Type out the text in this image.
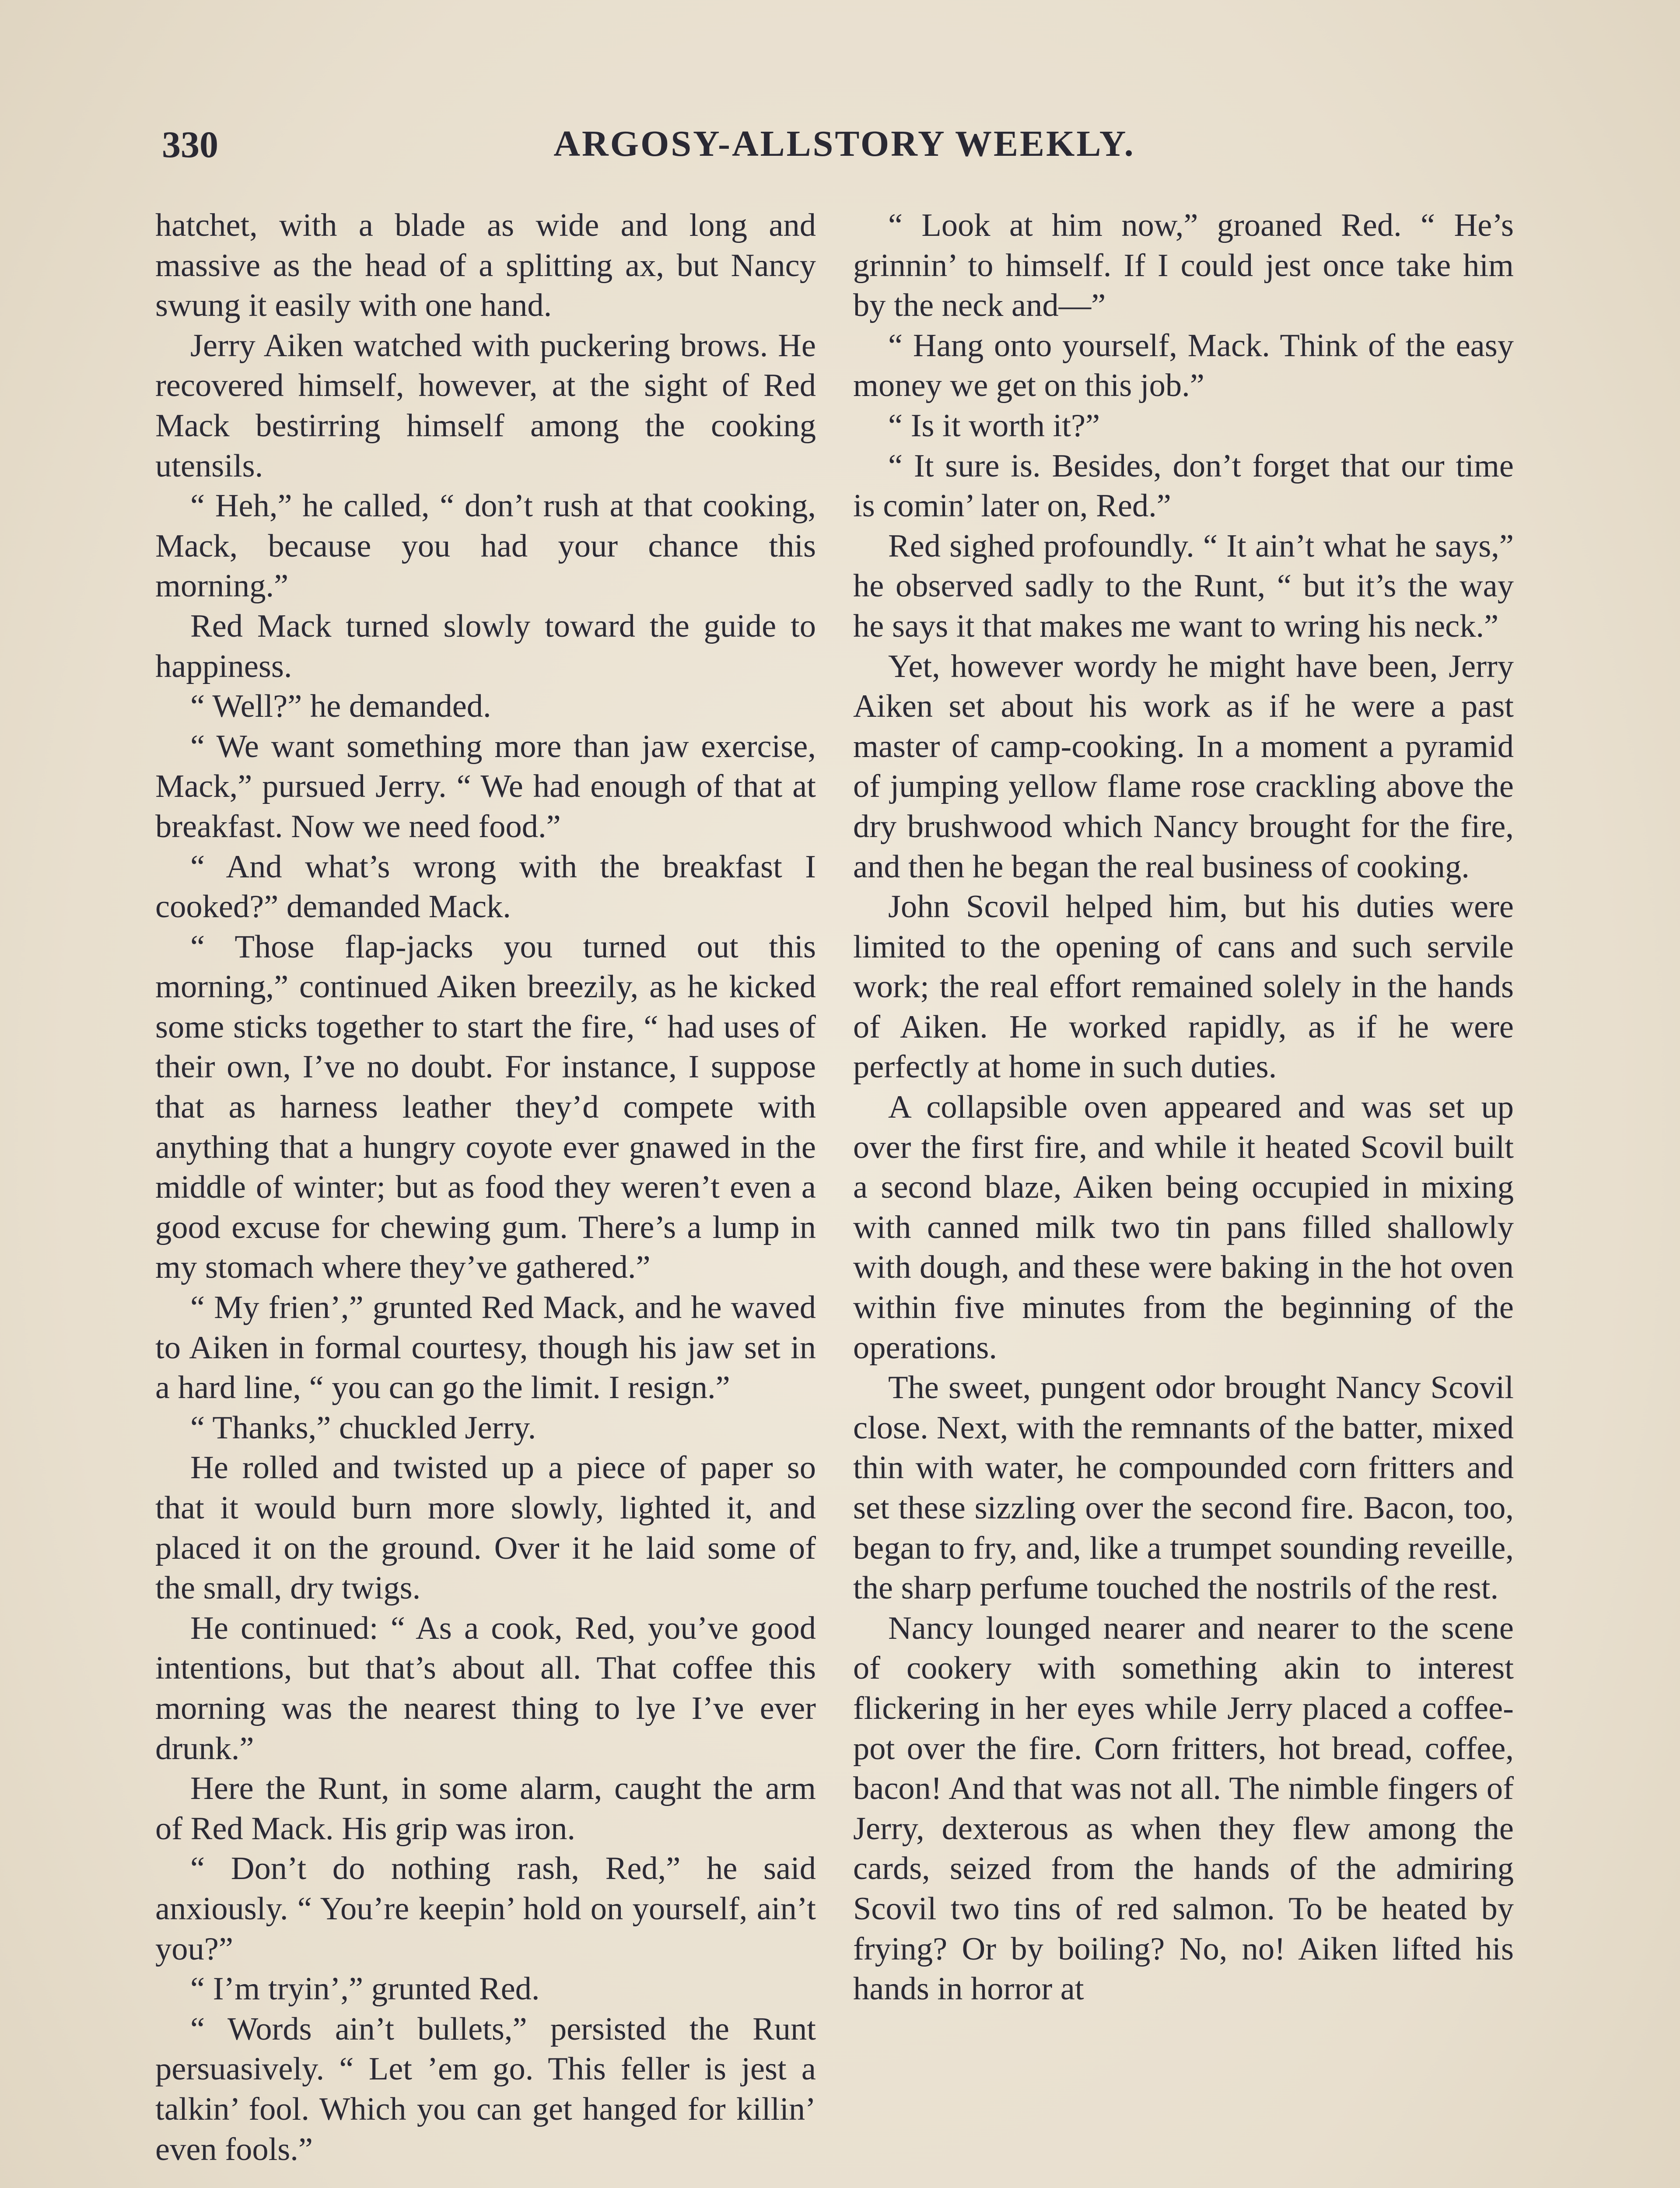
330	ARGOSY-ALLSTORY WEEKLY.

hatchet, with a blade as wide and long and massive as the head of a splitting ax, but Nancy swung it easily with one hand.

Jerry Aiken watched with puckering brows. He recovered himself, however, at the sight of Red Mack bestirring himself among the cooking utensils.

“ Heh,” he called, “ don’t rush at that cooking, Mack, because you had your chance this morning.”

Red Mack turned slowly toward the guide to happiness.

“ Well?” he demanded.

“ We want something more than jaw exercise, Mack,” pursued Jerry. “ We had enough of that at breakfast. Now we need food.”

“ And what’s wrong with the breakfast I cooked?” demanded Mack.

“ Those flap-jacks you turned out this morning,” continued Aiken breezily, as he kicked some sticks together to start the fire, “ had uses of their own, I’ve no doubt. For instance, I suppose that as harness leather they’d compete with anything that a hungry coyote ever gnawed in the middle of winter; but as food they weren’t even a good excuse for chewing gum. There’s a lump in my stomach where they’ve gathered.”

“ My frien’,” grunted Red Mack, and he waved to Aiken in formal courtesy, though his jaw set in a hard line, “ you can go the limit. I resign.”

“ Thanks,” chuckled Jerry.

He rolled and twisted up a piece of paper so that it would burn more slowly, lighted it, and placed it on the ground. Over it he laid some of the small, dry twigs.

He continued: “ As a cook, Red, you’ve good intentions, but that’s about all. That coffee this morning was the nearest thing to lye I’ve ever drunk.”

Here the Runt, in some alarm, caught the arm of Red Mack. His grip was iron.

“ Don’t do nothing rash, Red,” he said anxiously. “ You’re keepin’ hold on yourself, ain’t you?”

“ I’m tryin’,” grunted Red.

“ Words ain’t bullets,” persisted the Runt persuasively. “ Let ’em go. This feller is jest a talkin’ fool. Which you can get hanged for killin’ even fools.”

“ Look at him now,” groaned Red. “ He’s grinnin’ to himself. If I could jest once take him by the neck and—”

“ Hang onto yourself, Mack. Think of the easy money we get on this job.”

“ Is it worth it?”

“ It sure is. Besides, don’t forget that our time is comin’ later on, Red.”

Red sighed profoundly. “ It ain’t what he says,” he observed sadly to the Runt, “ but it’s the way he says it that makes me want to wring his neck.”

Yet, however wordy he might have been, Jerry Aiken set about his work as if he were a past master of camp-cooking. In a moment a pyramid of jumping yellow flame rose crackling above the dry brushwood which Nancy brought for the fire, and then he began the real business of cooking.

John Scovil helped him, but his duties were limited to the opening of cans and such servile work; the real effort remained solely in the hands of Aiken. He worked rapidly, as if he were perfectly at home in such duties.

A collapsible oven appeared and was set up over the first fire, and while it heated Scovil built a second blaze, Aiken being occupied in mixing with canned milk two tin pans filled shallowly with dough, and these were baking in the hot oven within five minutes from the beginning of the operations.

The sweet, pungent odor brought Nancy Scovil close. Next, with the remnants of the batter, mixed thin with water, he compounded corn fritters and set these sizzling over the second fire. Bacon, too, began to fry, and, like a trumpet sounding reveille, the sharp perfume touched the nostrils of the rest.

Nancy lounged nearer and nearer to the scene of cookery with something akin to interest flickering in her eyes while Jerry placed a coffee-pot over the fire. Corn fritters, hot bread, coffee, bacon! And that was not all. The nimble fingers of Jerry, dexterous as when they flew among the cards, seized from the hands of the admiring Scovil two tins of red salmon. To be heated by frying? Or by boiling? No, no! Aiken lifted his hands in horror at
